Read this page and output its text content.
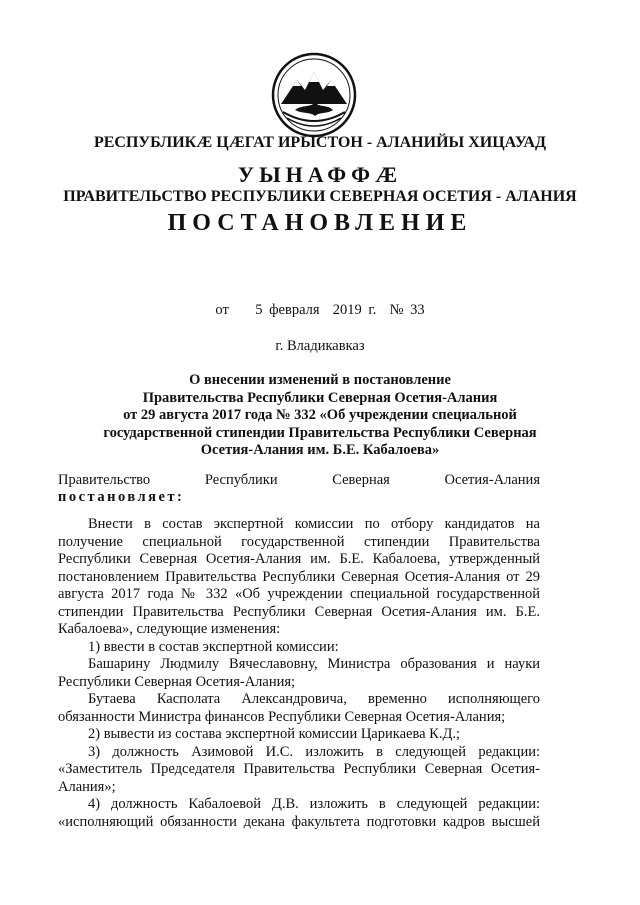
РЕСПУБЛИКӔ ЦӔГАТ ИРЫСТОН - АЛАНИЙЫ ХИЦАУАД
УЫНАФФӔ
ПРАВИТЕЛЬСТВО РЕСПУБЛИКИ СЕВЕРНАЯ ОСЕТИЯ - АЛАНИЯ
ПОСТАНОВЛЕНИЕ
от    5 февраля  2019 г.  № 33
г. Владикавказ
О внесении изменений в постановление
Правительства Республики Северная Осетия-Алания
от 29 августа 2017 года № 332 «Об учреждении специальной
государственной стипендии Правительства Республики Северная
Осетия-Алания им. Б.Е. Кабалоева»
Правительство Республики Северная Осетия-Алания
постановляет:

Внести в состав экспертной комиссии по отбору кандидатов на получение специальной государственной стипендии Правительства Республики Северная Осетия-Алания им. Б.Е. Кабалоева, утвержденный постановлением Правительства Республики Северная Осетия-Алания от 29 августа 2017 года № 332 «Об учреждении специальной государственной стипендии Правительства Республики Северная Осетия-Алания им. Б.Е. Кабалоева», следующие изменения:

1) ввести в состав экспертной комиссии:

Башарину Людмилу Вячеславовну, Министра образования и науки Республики Северная Осетия-Алания;

Бутаева Касполата Александровича, временно исполняющего обязанности Министра финансов Республики Северная Осетия-Алания;

2) вывести из состава экспертной комиссии Царикаева К.Д.;

3) должность Азимовой И.С. изложить в следующей редакции: «Заместитель Председателя Правительства Республики Северная Осетия-Алания»;

4) должность Кабалоевой Д.В. изложить в следующей редакции: «исполняющий обязанности декана факультета подготовки кадров высшей
